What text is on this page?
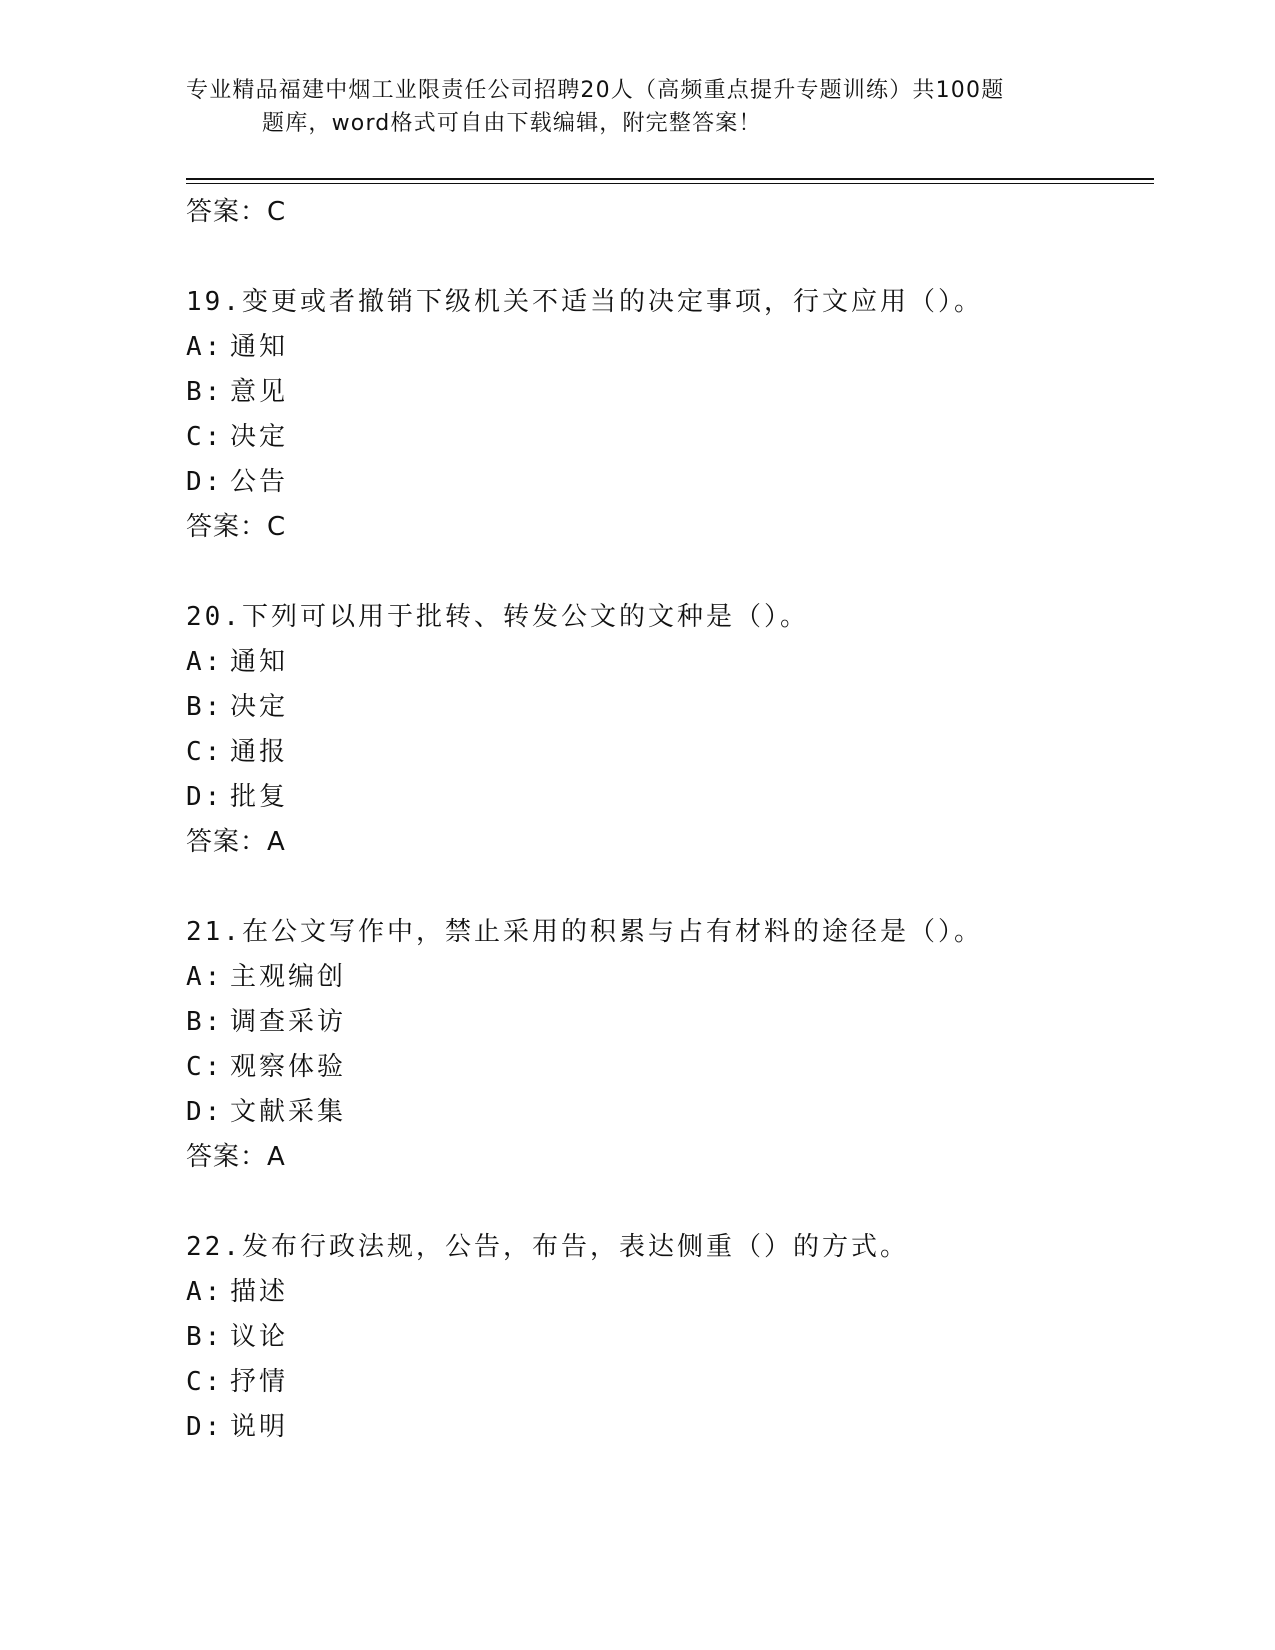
专业精品福建中烟工业限责任公司招聘20人（高频重点提升专题训练）共100题
题库，word格式可自由下载编辑，附完整答案！
答案：C
19.变更或者撤销下级机关不适当的决定事项，行文应用（）。
A: 通知
B: 意见
C: 决定
D: 公告
答案：C
20.下列可以用于批转、转发公文的文种是（）。
A: 通知
B: 决定
C: 通报
D: 批复
答案：A
21.在公文写作中，禁止采用的积累与占有材料的途径是（）。
A: 主观编创
B: 调查采访
C: 观察体验
D: 文献采集
答案：A
22.发布行政法规，公告，布告，表达侧重（）的方式。
A: 描述
B: 议论
C: 抒情
D: 说明
